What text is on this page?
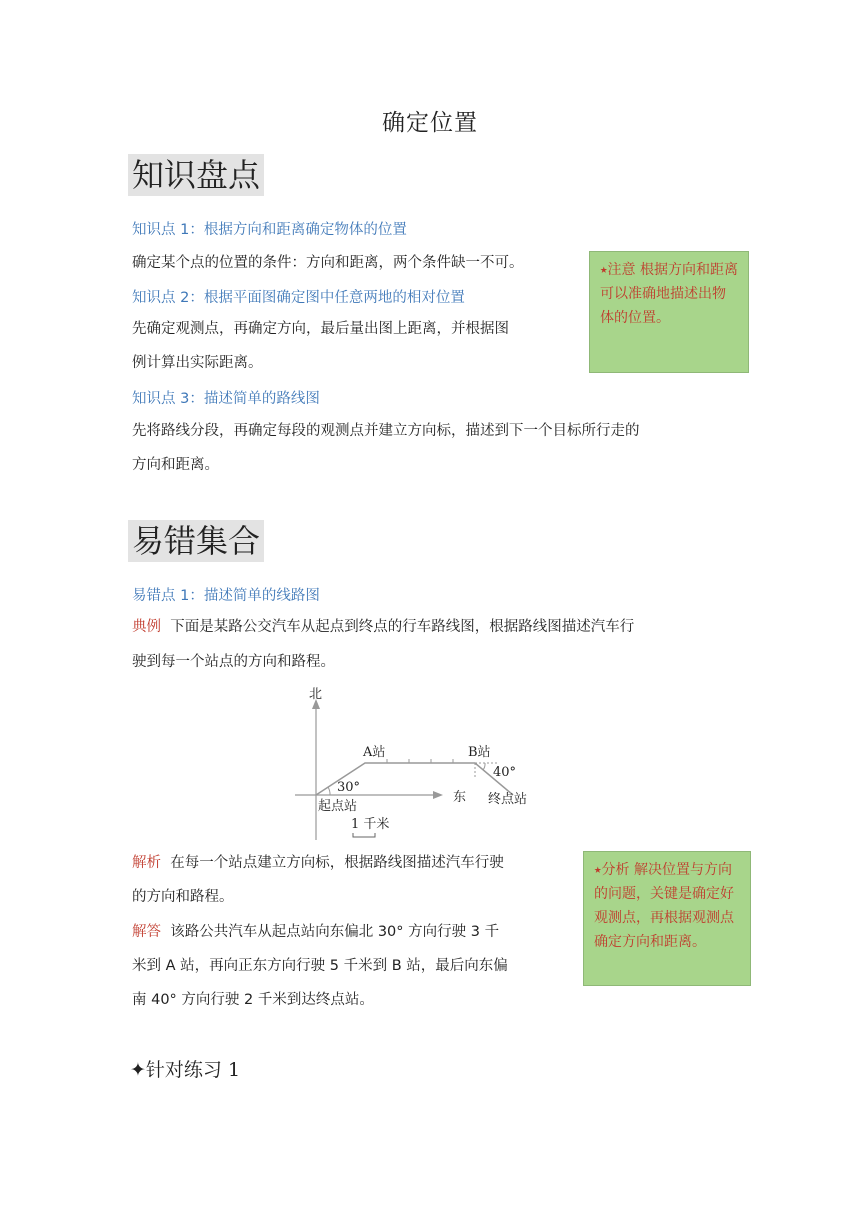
确定位置
知识盘点
知识点 1：根据方向和距离确定物体的位置
确定某个点的位置的条件：方向和距离，两个条件缺一不可。
知识点 2：根据平面图确定图中任意两地的相对位置
先确定观测点，再确定方向，最后量出图上距离，并根据图
例计算出实际距离。
知识点 3：描述简单的路线图
先将路线分段，再确定每段的观测点并建立方向标，描述到下一个目标所行走的
方向和距离。
⭑注意 根据方向和距离可以准确地描述出物体的位置。
易错集合
易错点 1：描述简单的线路图
典例 下面是某路公交汽车从起点到终点的行车路线图，根据路线图描述汽车行
驶到每一个站点的方向和路程。
北
东
A站	B站
30°
40°
起点站	终点站
1 千米
解析 在每一个站点建立方向标，根据路线图描述汽车行驶
的方向和路程。
解答 该路公共汽车从起点站向东偏北 30° 方向行驶 3 千
米到 A 站，再向正东方向行驶 5 千米到 B 站，最后向东偏
南 40° 方向行驶 2 千米到达终点站。
⭑分析 解决位置与方向的问题，关键是确定好观测点，再根据观测点确定方向和距离。
✦针对练习 1
